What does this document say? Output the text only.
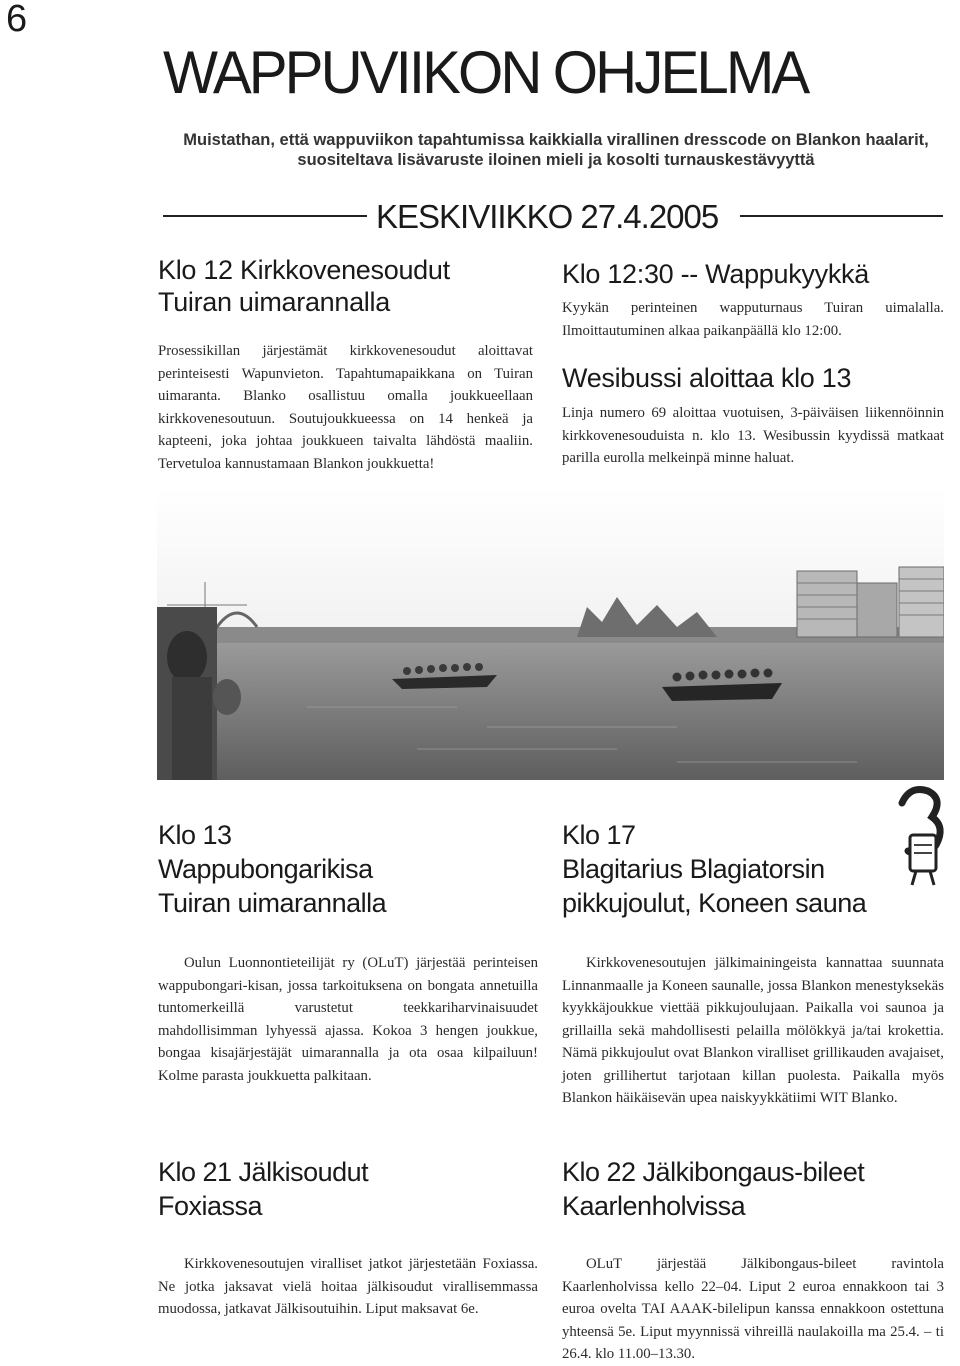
6
WAPPUVIIKON OHJELMA
Muistathan, että wappuviikon tapahtumissa kaikkialla virallinen dresscode on Blankon haalarit, suositeltava lisävaruste iloinen mieli ja kosolti turnauskestävyyttä
KESKIVIIKKO 27.4.2005
Klo 12 Kirkkovenesoudut
Tuiran uimarannalla
Prosessikillan järjestämät kirkkovenesoudut aloittavat perinteisesti Wapunvieton. Tapahtumapaikkana on Tuiran uimaranta. Blanko osallistuu omalla joukkueellaan kirkkovenesoutuun. Soutujoukkueessa on 14 henkeä ja kapteeni, joka johtaa joukkueen taivalta lähdöstä maaliin. Tervetuloa kannustamaan Blankon joukkuetta!
Klo 12:30 -- Wappukyykkä
Kyykän perinteinen wapputurnaus Tuiran uimalalla. Ilmoittautuminen alkaa paikanpäällä klo 12:00.
Wesibussi aloittaa klo 13
Linja numero 69 aloittaa vuotuisen, 3-päiväisen liikennöinnin kirkkovenesouduista n. klo 13. Wesibussin kyydissä matkaat parilla eurolla melkeinpä minne haluat.
Klo 13
Wappubongarikisa
Tuiran uimarannalla
Oulun Luonnontieteilijät ry (OLuT) järjestää perinteisen wappubongari-kisan, jossa tarkoituksena on bongata annetuilla tuntomerkeillä varustetut teekkariharvinaisuudet mahdollisimman lyhyessä ajassa. Kokoa 3 hengen joukkue, bongaa kisajärjestäjät uimarannalla ja ota osaa kilpailuun! Kolme parasta joukkuetta palkitaan.
Klo 17
Blagitarius Blagiatorsin
pikkujoulut, Koneen sauna
Kirkkovenesoutujen jälkimainingeista kannattaa suunnata Linnanmaalle ja Koneen saunalle, jossa Blankon menestyksekäs kyykkäjoukkue viettää pikkujoulujaan. Paikalla voi saunoa ja grillailla sekä mahdollisesti pelailla mölökkyä ja/tai krokettia. Nämä pikkujoulut ovat Blankon viralliset grillikauden avajaiset, joten grillihertut tarjotaan killan puolesta. Paikalla myös Blankon häikäisevän upea naiskyykkätiimi WIT Blanko.
Klo 21 Jälkisoudut
Foxiassa
Kirkkovenesoutujen viralliset jatkot järjestetään Foxiassa. Ne jotka jaksavat vielä hoitaa jälkisoudut virallisemmassa muodossa, jatkavat Jälkisoutuihin. Liput maksavat 6e.
Klo 22 Jälkibongaus-bileet
Kaarlenholvissa
OLuT järjestää Jälkibongaus-bileet ravintola Kaarlenholvissa kello 22–04. Liput 2 euroa ennakkoon tai 3 euroa ovelta TAI AAAK-bilelipun kanssa ennakkoon ostettuna yhteensä 5e. Liput myynnissä vihreillä naulakoilla ma 25.4. – ti 26.4. klo 11.00–13.30.
